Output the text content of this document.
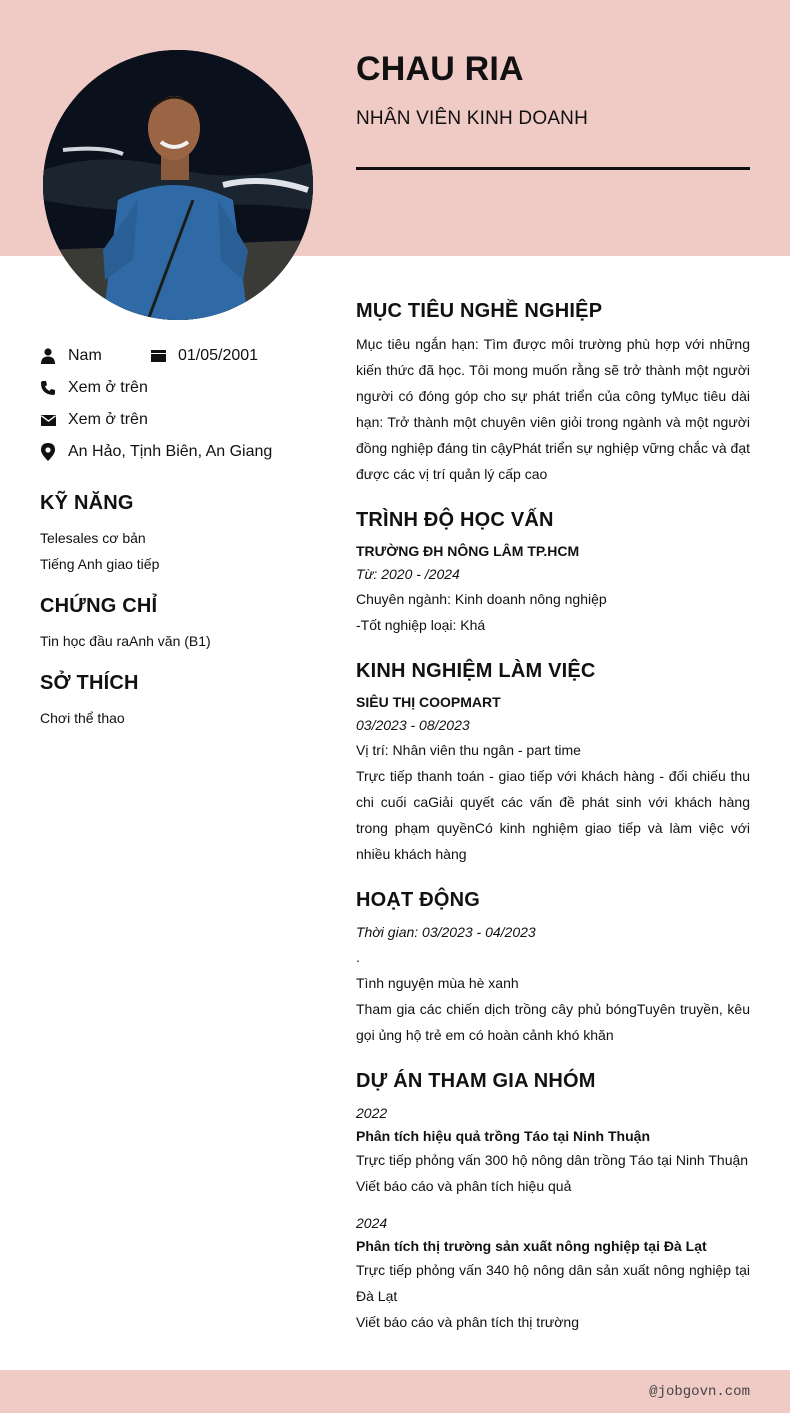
CHAU RIA
NHÂN VIÊN KINH DOANH
Nam	01/05/2001
Xem ở trên
Xem ở trên
An Hảo, Tịnh Biên, An Giang
KỸ NĂNG
Telesales cơ bản
Tiếng Anh giao tiếp
CHỨNG CHỈ
Tin học đầu raAnh văn (B1)
SỞ THÍCH
Chơi thể thao
MỤC TIÊU NGHỀ NGHIỆP
Mục tiêu ngắn hạn: Tìm được môi trường phù hợp với những kiến thức đã học. Tôi mong muốn rằng sẽ trở thành một người người có đóng góp cho sự phát triển của công tyMục tiêu dài hạn: Trở thành một chuyên viên giỏi trong ngành và một người đồng nghiệp đáng tin cậyPhát triển sự nghiệp vững chắc và đạt được các vị trí quản lý cấp cao
TRÌNH ĐỘ HỌC VẤN
TRƯỜNG ĐH NÔNG LÂM TP.HCM
Từ: 2020 - /2024
Chuyên ngành: Kinh doanh nông nghiệp
-Tốt nghiệp loại: Khá
KINH NGHIỆM LÀM VIỆC
SIÊU THỊ COOPMART
03/2023 - 08/2023
Vị trí: Nhân viên thu ngân - part time
Trực tiếp thanh toán - giao tiếp với khách hàng - đối chiếu thu chi cuối caGiải quyết các vấn đề phát sinh với khách hàng trong phạm quyềnCó kinh nghiệm giao tiếp và làm việc với nhiều khách hàng
HOẠT ĐỘNG
Thời gian: 03/2023 - 04/2023
.
Tình nguyện mùa hè xanh
Tham gia các chiến dịch trồng cây phủ bóngTuyên truyền, kêu gọi ủng hộ trẻ em có hoàn cảnh khó khăn
DỰ ÁN THAM GIA NHÓM
2022
Phân tích hiệu quả trồng Táo tại Ninh Thuận
Trực tiếp phỏng vấn 300 hộ nông dân trồng Táo tại Ninh Thuận
Viết báo cáo và phân tích hiệu quả
2024
Phân tích thị trường sản xuất nông nghiệp tại Đà Lạt
Trực tiếp phỏng vấn 340 hộ nông dân sản xuất nông nghiệp tại Đà Lạt
Viết báo cáo và phân tích thị trường
@jobgovn.com
